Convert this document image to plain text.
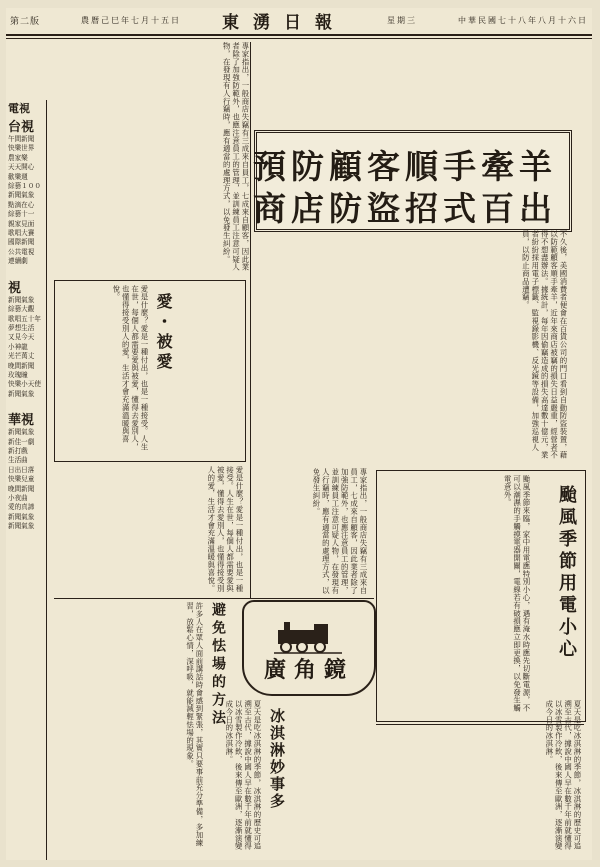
第二版	農曆己巳年七月十五日 東湧日報	星期三	中華民國七十八年八月十六日
電視
台視
午間新聞
快樂世界
農家樂
天天開心
歡樂週
綜藝１００
新聞氣象
點滴在心
綜藝十一
親家見面
歌唱大賽
國際新聞
公共電視
連續劇
視
新聞氣象
綜藝大觀
歌唱五十年
夢想生活
又見今天
小神龍
光芒萬丈
晚間新聞
玫瑰瞳
快樂小天使
新聞氣象
華視
新聞氣象
新佳一劇
新打戲
生活曲
日出日落
快樂兒童
晚間新聞
小夜曲
愛的真諦
新聞氣象
新聞氣象
預防顧客順手牽羊
商店防盜招式百出
不久後，美國消費者便會在百貨公司的門口看到自動防盜裝置，藉以防範顧客順手牽羊，近年來商店被竊的損失日益嚴重，經營者不得不想盡辦法。據統計，每年因偷竊造成的損失高達數十億元，業者紛紛採用電子標籤、監視錄影機、反光鏡等設備，加強巡視人員，以防止商品遭竊。
專家指出，一般商店失竊有三成來自員工，七成來自顧客，因此業者除了加強防範外，也應注意員工的管理，並訓練員工注意可疑人物，在發現有人行竊時，應有適當的處理方式，以免發生糾紛。
愛・被愛
愛是什麼？愛是一種付出，也是一種接受。人生在世，每個人都需要愛與被愛，懂得去愛別人，也懂得接受別人的愛，生活才會充滿溫暖與喜悅。
愛是什麼？愛是一種付出，也是一種接受。人生在世，每個人都需要愛與被愛，懂得去愛別人，也懂得接受別人的愛，生活才會充滿溫暖與喜悅。	專家指出，一般商店失竊有三成來自員工，七成來自顧客，因此業者除了加強防範外，也應注意員工的管理，並訓練員工注意可疑人物，在發現有人行竊時，應有適當的處理方式，以免發生糾紛。	颱風季節用電小心
颱風季節來臨，家中用電應特別小心，遇有淹水時應先切斷電源，不可以潮濕的手觸摸電器開關，電線若有破損應立即更換，以免發生觸電意外。
避免怯場的方法
許多人在眾人面前講話時會感到緊張，其實只要事前充分準備，多加練習，放鬆心情，深呼吸，就能減輕怯場的現象。	廣角鏡
冰淇淋妙事多	夏天是吃冰淇淋的季節，冰淇淋的歷史可追溯至古代，據說中國人早在數千年前就懂得以冰雪製作冷飲，後來傳至歐洲，逐漸演變成今日的冰淇淋。
夏天是吃冰淇淋的季節，冰淇淋的歷史可追溯至古代，據說中國人早在數千年前就懂得以冰雪製作冷飲，後來傳至歐洲，逐漸演變成今日的冰淇淋。
